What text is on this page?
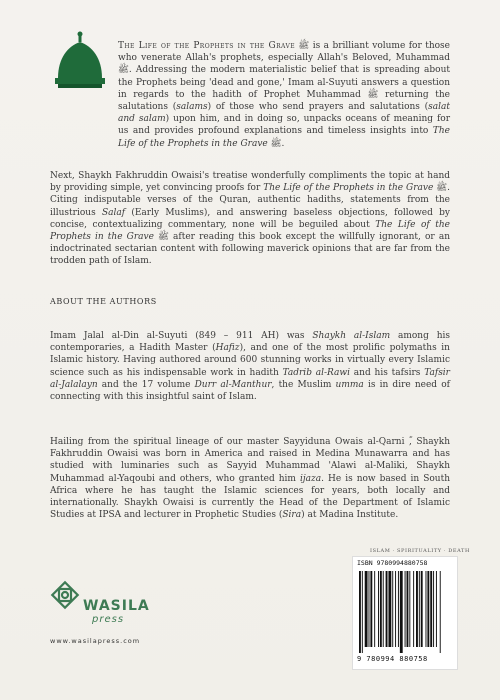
The Life of the Prophets in the Grave ﷺ is a brilliant volume for those who venerate Allah's prophets, especially Allah's Beloved, Muhammad ﷺ. Addressing the modern materialistic belief that is spreading about the Prophets being 'dead and gone,' Imam al-Suyuti answers a question in regards to the hadith of Prophet Muhammad ﷺ returning the salutations (salams) of those who send prayers and salutations (salat and salam) upon him, and in doing so, unpacks oceans of meaning for us and provides profound explanations and timeless insights into The Life of the Prophets in the Grave ﷺ.
Next, Shaykh Fakhruddin Owaisi's treatise wonderfully compliments the topic at hand by providing simple, yet convincing proofs for The Life of the Prophets in the Grave ﷺ. Citing indisputable verses of the Quran, authentic hadiths, statements from the illustrious Salaf (Early Muslims), and answering baseless objections, followed by concise, contextualizing commentary, none will be beguiled about The Life of the Prophets in the Grave ﷺ after reading this book except the willfully ignorant, or an indoctrinated sectarian content with following maverick opinions that are far from the trodden path of Islam.
ABOUT THE AUTHORS
Imam Jalal al-Din al-Suyuti (849 – 911 AH) was Shaykh al-Islam among his contemporaries, a Hadith Master (Hafiz), and one of the most prolific polymaths in Islamic history. Having authored around 600 stunning works in virtually every Islamic science such as his indispensable work in hadith Tadrib al-Rawi and his tafsirs Tafsir al-Jalalayn and the 17 volume Durr al-Manthur, the Muslim umma is in dire need of connecting with this insightful saint of Islam.
Hailing from the spiritual lineage of our master Sayyiduna Owais al-Qarni , Shaykh Fakhruddin Owaisi was born in America and raised in Medina Munawarra and has studied with luminaries such as Sayyid Muhammad 'Alawi al-Maliki, Shaykh Muhammad al-Yaqoubi and others, who granted him ijaza. He is now based in South Africa where he has taught the Islamic sciences for years, both locally and internationally. Shaykh Owaisi is currently the Head of the Department of Islamic Studies at IPSA and lecturer in Prophetic Studies (Sira) at Madina Institute.
ISLAM · SPIRITUALITY · DEATH
ISBN 9780994880758
9 780994 880758
WASILA
press
www.wasilapress.com
